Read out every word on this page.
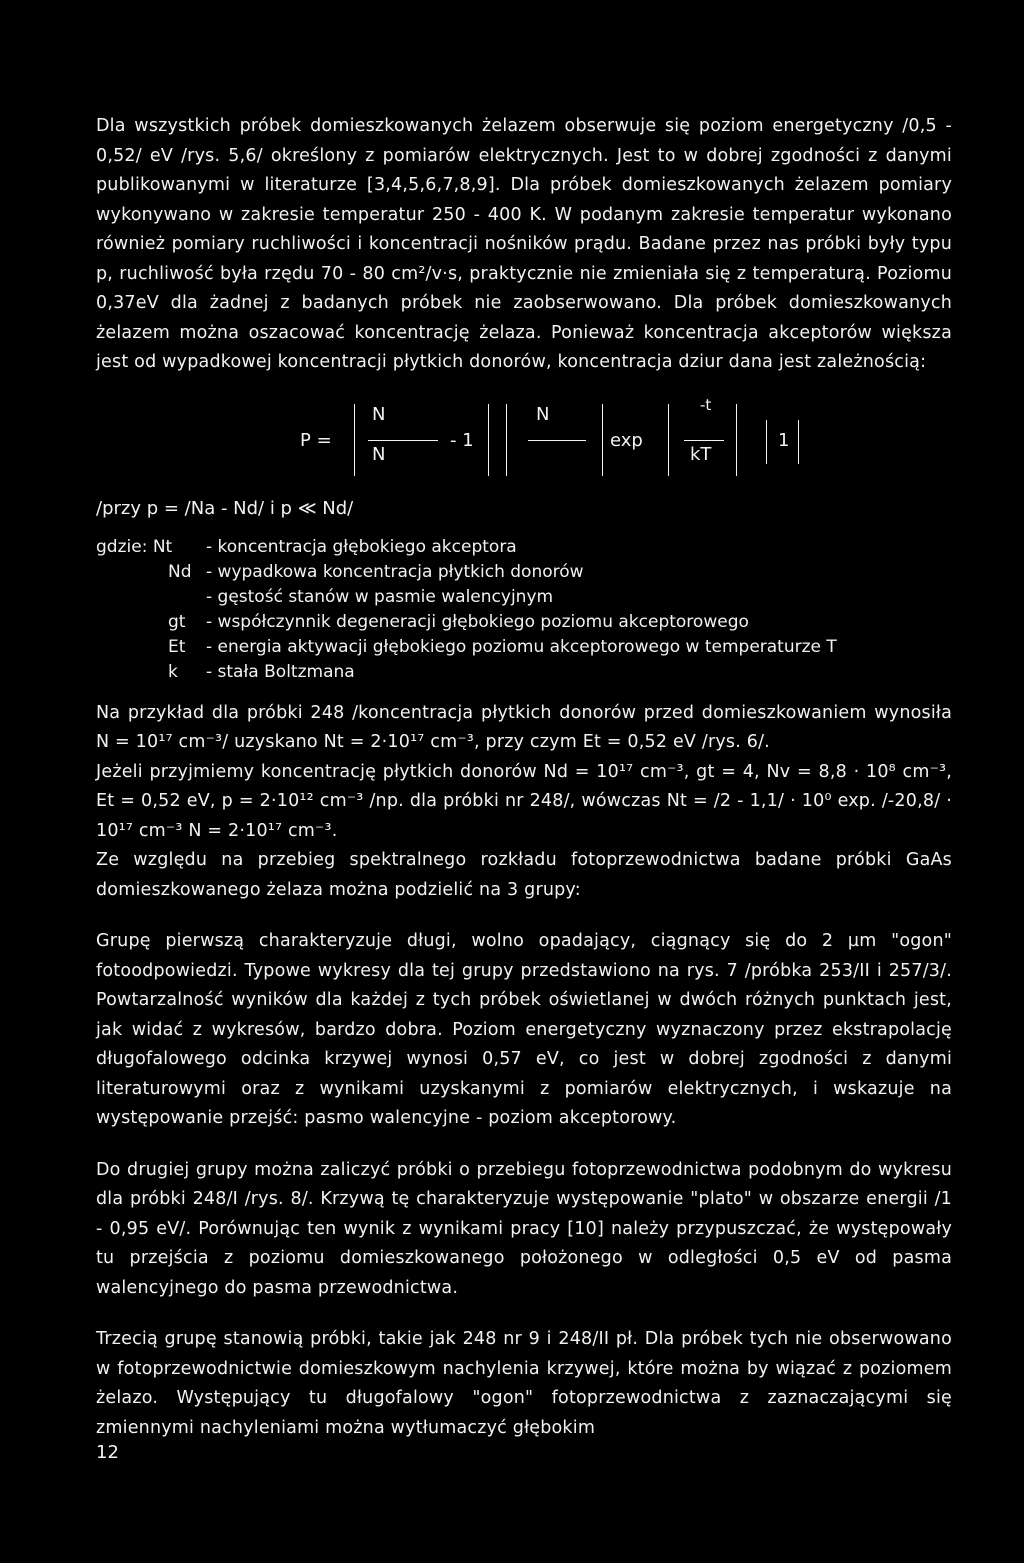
Dla wszystkich próbek domieszkowanych żelazem obserwuje się poziom energetyczny /0,5 - 0,52/ eV /rys. 5,6/ określony z pomiarów elektrycznych. Jest to w dobrej zgodności z danymi publikowanymi w literaturze [3,4,5,6,7,8,9]. Dla próbek domieszkowanych żelazem pomiary wykonywano w zakresie temperatur 250 - 400 K. W podanym zakresie temperatur wykonano również pomiary ruchliwości i koncentracji nośników prądu. Badane przez nas próbki były typu p, ruchliwość była rzędu 70 - 80 cm²/v·s, praktycznie nie zmieniała się z temperaturą. Poziomu 0,37eV dla żadnej z badanych próbek nie zaobserwowano. Dla próbek domieszkowanych żelazem można oszacować koncentrację żelaza. Ponieważ koncentracja akceptorów większa jest od wypadkowej koncentracji płytkich donorów, koncentracja dziur dana jest zależnością:

P =
N
N
- 1
N
exp
-t
kT
1

/przy p = /Na - Nd/ i p ≪ Nd/

gdzie: Nt	- koncentracja głębokiego akceptora
Nd - wypadkowa koncentracja płytkich donorów
- gęstość stanów w pasmie walencyjnym
gt	- współczynnik degeneracji głębokiego poziomu akceptorowego
Et	- energia aktywacji głębokiego poziomu akceptorowego w temperaturze T
k	- stała Boltzmana

Na przykład dla próbki 248 /koncentracja płytkich donorów przed domieszkowaniem wynosiła N = 10¹⁷ cm⁻³/ uzyskano Nt = 2·10¹⁷ cm⁻³, przy czym Et = 0,52 eV /rys. 6/.

Jeżeli przyjmiemy koncentrację płytkich donorów Nd = 10¹⁷ cm⁻³, gt = 4, Nv = 8,8 · 10⁸ cm⁻³, Et = 0,52 eV, p = 2·10¹² cm⁻³ /np. dla próbki nr 248/, wówczas Nt = /2 - 1,1/ · 10⁰ exp. /-20,8/ · 10¹⁷ cm⁻³ N = 2·10¹⁷ cm⁻³.

Ze względu na przebieg spektralnego rozkładu fotoprzewodnictwa badane próbki GaAs domieszkowanego żelaza można podzielić na 3 grupy:

Grupę pierwszą charakteryzuje długi, wolno opadający, ciągnący się do 2 µm "ogon" fotoodpowiedzi. Typowe wykresy dla tej grupy przedstawiono na rys. 7 /próbka 253/II i 257/3/. Powtarzalność wyników dla każdej z tych próbek oświetlanej w dwóch różnych punktach jest, jak widać z wykresów, bardzo dobra. Poziom energetyczny wyznaczony przez ekstrapolację długofalowego odcinka krzywej wynosi 0,57 eV, co jest w dobrej zgodności z danymi literaturowymi oraz z wynikami uzyskanymi z pomiarów elektrycznych, i wskazuje na występowanie przejść: pasmo walencyjne - poziom akceptorowy.

Do drugiej grupy można zaliczyć próbki o przebiegu fotoprzewodnictwa podobnym do wykresu dla próbki 248/I /rys. 8/. Krzywą tę charakteryzuje występowanie "plato" w obszarze energii /1 - 0,95 eV/. Porównując ten wynik z wynikami pracy [10] należy przypuszczać, że występowały tu przejścia z poziomu domieszkowanego położonego w odległości 0,5 eV od pasma walencyjnego do pasma przewodnictwa.

Trzecią grupę stanowią próbki, takie jak 248 nr 9 i 248/II pł. Dla próbek tych nie obserwowano w fotoprzewodnictwie domieszkowym nachylenia krzywej, które można by wiązać z poziomem żelazo. Występujący tu długofalowy "ogon" fotoprzewodnictwa z zaznaczającymi się zmiennymi nachyleniami można wytłumaczyć głębokim

12
